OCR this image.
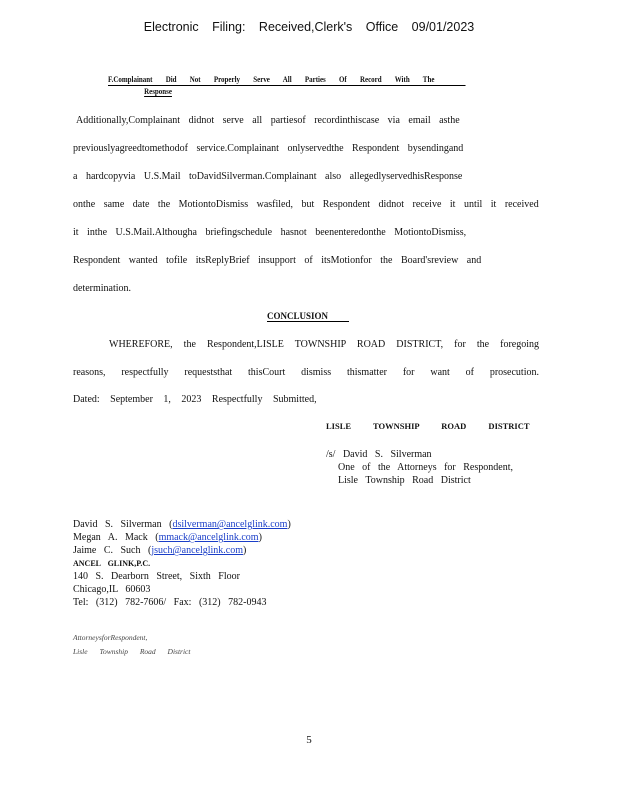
Electronic Filing: Received,Clerk's Office 09/01/2023
F.Complainant Did Not Properly Serve All Parties Of Record With The
Response
Additionally,Complainant didnot serve all partiesof recordinthiscase via email asthe
previouslyagreedtomethodof service.Complainant onlyservedthe Respondent bysendingand
a hardcopyvia U.S.Mail toDavidSilverman.Complainant also allegedlyservedhisResponse
onthe same date the MotiontoDismiss wasfiled, but Respondent didnot receive it until it received
it inthe U.S.Mail.Althougha briefingschedule hasnot beenenteredonthe MotiontoDismiss,
Respondent wanted tofile itsReplyBrief insupport of itsMotionfor the Board'sreview and
determination.
CONCLUSION
WHEREFORE, the Respondent,LISLE TOWNSHIP ROAD DISTRICT, for the foregoing
reasons, respectfully requeststhat thisCourt dismiss thismatter for want of prosecution.
Dated: September 1, 2023 Respectfully Submitted,
LISLE TOWNSHIP ROAD DISTRICT
/s/ David S. Silverman
One of the Attorneys for Respondent,
Lisle Township Road District
David S. Silverman (dsilverman@ancelglink.com)
Megan A. Mack (mmack@ancelglink.com)
Jaime C. Such (jsuch@ancelglink.com)
ANCEL GLINK,P.C.
140 S. Dearborn Street, Sixth Floor
Chicago,IL 60603
Tel: (312) 782-7606/ Fax: (312) 782-0943
AttorneysforRespondent,
Lisle Township Road District
5
